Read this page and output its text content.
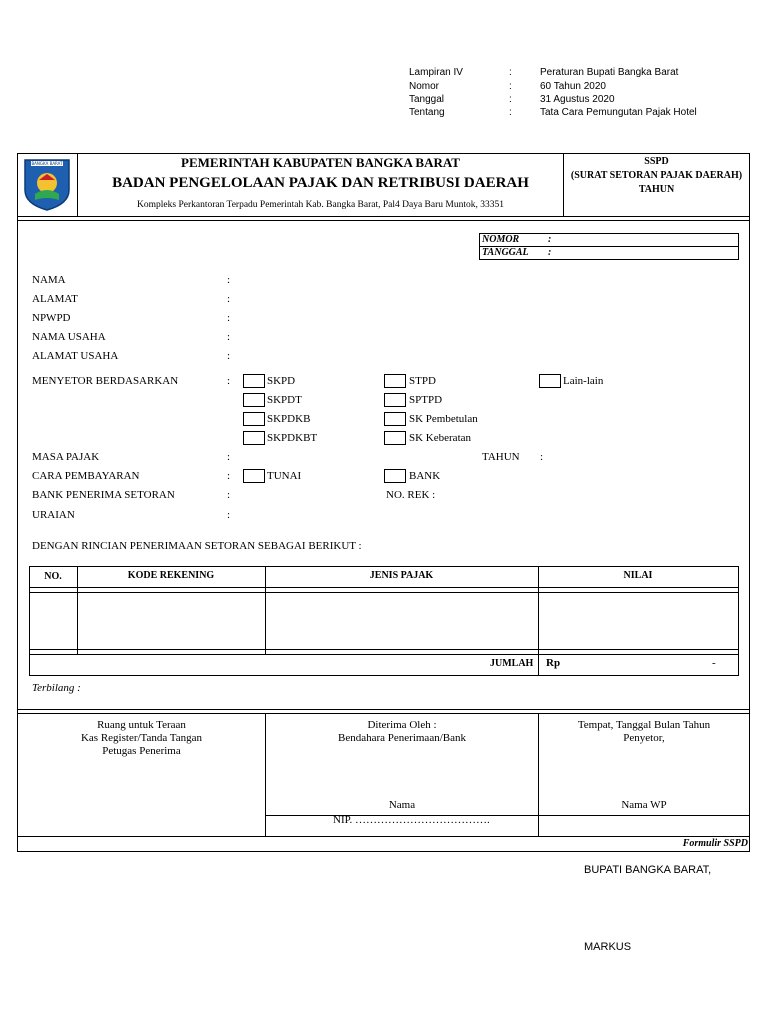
Lampiran IV	:	Peraturan Bupati Bangka Barat
Nomor	:	60 Tahun 2020
Tanggal	:	31 Agustus 2020
Tentang	:	Tata Cara Pemungutan Pajak Hotel
BANGKA BARAT	PEMERINTAH KABUPATEN BANGKA BARAT
BADAN PENGELOLAAN PAJAK DAN RETRIBUSI DAERAH
Kompleks Perkantoran Terpadu Pemerintah Kab. Bangka Barat, Pal4 Daya Baru Muntok, 33351
SSPD
(SURAT SETORAN PAJAK DAERAH)
TAHUN
NOMOR	:
TANGGAL :
NAMA	:
ALAMAT	:
NPWPD	:
NAMA USAHA	:
ALAMAT USAHA	:
MENYETOR BERDASARKAN	:	SKPD
SKPDT
SKPDKB
SKPDKBT
STPD
SPTPD
SK Pembetulan
SK Keberatan
Lain-lain
MASA PAJAK	:	TAHUN :
CARA PEMBAYARAN	:	TUNAI	BANK
BANK PENERIMA SETORAN	:	NO. REK :
URAIAN	:
DENGAN RINCIAN PENERIMAAN SETORAN SEBAGAI BERIKUT :
NO.	KODE REKENING	JENIS PAJAK	NILAI
JUMLAH Rp	-
Terbilang :
Ruang untuk Teraan
Kas Register/Tanda Tangan
Petugas Penerima
Diterima Oleh :
Bendahara Penerimaan/Bank
Nama
NIP. ……………………………….
Tempat, Tanggal Bulan Tahun
Penyetor,
Nama WP
Formulir SSPD
BUPATI BANGKA BARAT,
MARKUS
